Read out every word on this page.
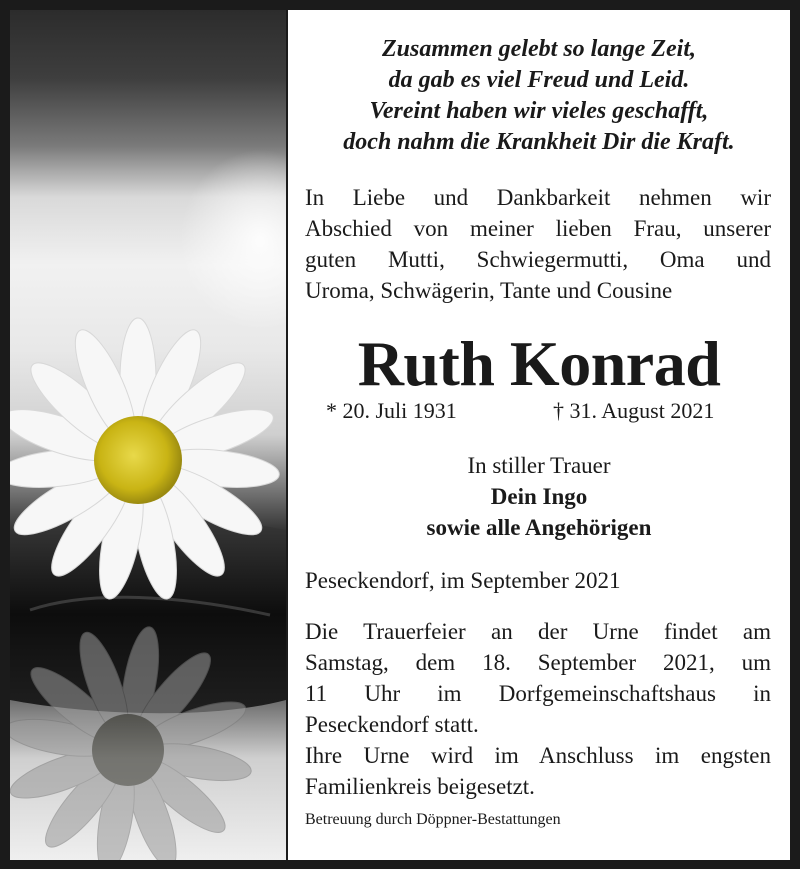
Zusammen gelebt so lange Zeit,
da gab es viel Freud und Leid.
Vereint haben wir vieles geschafft,
doch nahm die Krankheit Dir die Kraft.
In Liebe und Dankbarkeit nehmen wir
Abschied von meiner lieben Frau, unserer
guten Mutti, Schwiegermutti, Oma und
Uroma, Schwägerin, Tante und Cousine
Ruth Konrad
* 20. Juli 1931	† 31. August 2021
In stiller Trauer
Dein Ingo
sowie alle Angehörigen
Peseckendorf, im September 2021
Die Trauerfeier an der Urne findet am
Samstag, dem 18. September 2021, um
11 Uhr im Dorfgemeinschaftshaus in
Peseckendorf statt.
Ihre Urne wird im Anschluss im engsten
Familienkreis beigesetzt.
Betreuung durch Döppner-Bestattungen
